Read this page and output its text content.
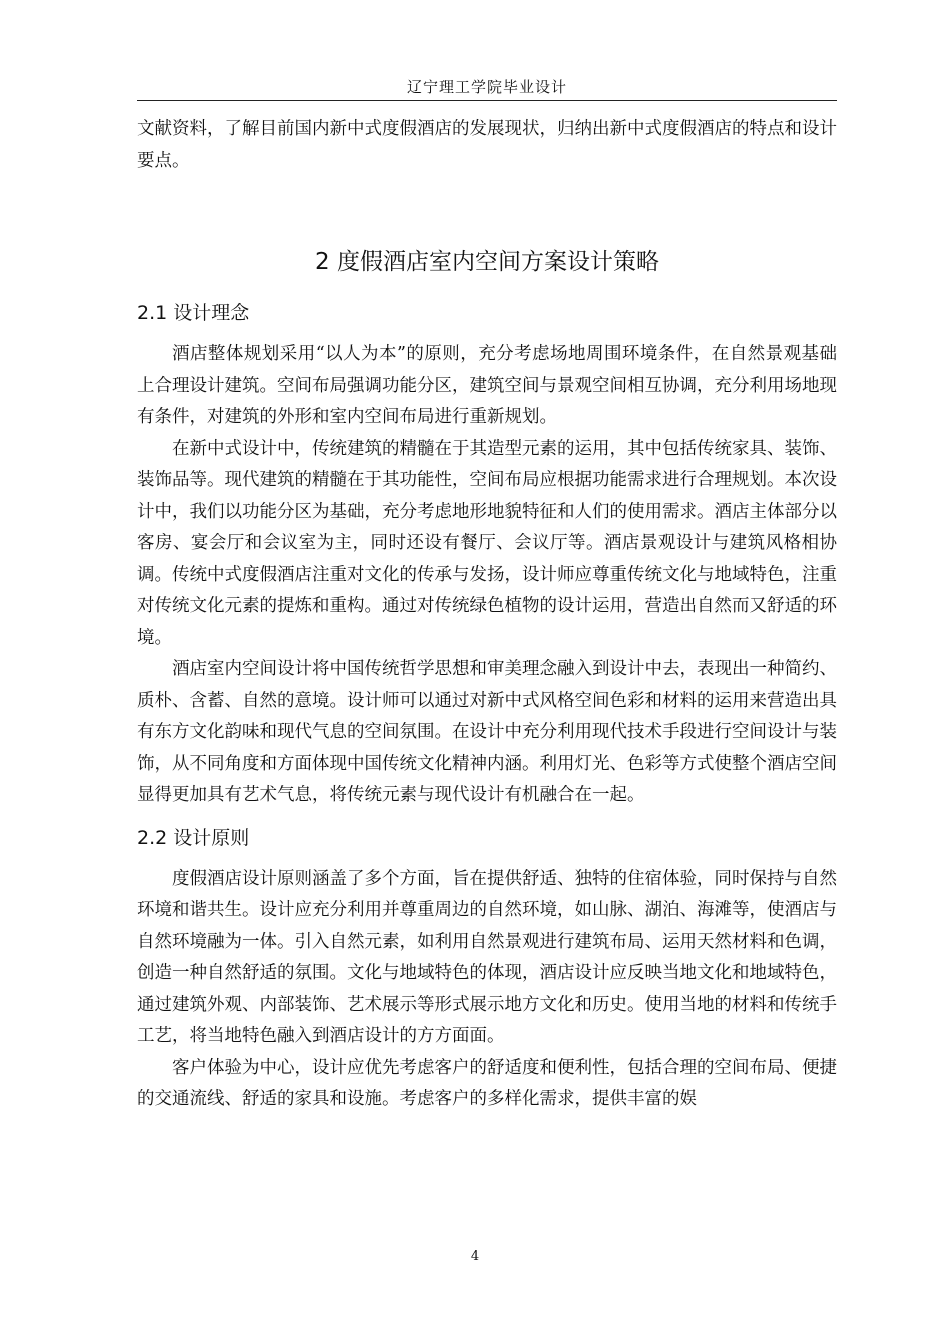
辽宁理工学院毕业设计

文献资料，了解目前国内新中式度假酒店的发展现状，归纳出新中式度假酒店的特点和设计要点。

2 度假酒店室内空间方案设计策略
2.1 设计理念

酒店整体规划采用“以人为本”的原则，充分考虑场地周围环境条件，在自然景观基础上合理设计建筑。空间布局强调功能分区，建筑空间与景观空间相互协调，充分利用场地现有条件，对建筑的外形和室内空间布局进行重新规划。

在新中式设计中，传统建筑的精髓在于其造型元素的运用，其中包括传统家具、装饰、装饰品等。现代建筑的精髓在于其功能性，空间布局应根据功能需求进行合理规划。本次设计中，我们以功能分区为基础，充分考虑地形地貌特征和人们的使用需求。酒店主体部分以客房、宴会厅和会议室为主，同时还设有餐厅、会议厅等。酒店景观设计与建筑风格相协调。传统中式度假酒店注重对文化的传承与发扬，设计师应尊重传统文化与地域特色，注重对传统文化元素的提炼和重构。通过对传统绿色植物的设计运用，营造出自然而又舒适的环境。

酒店室内空间设计将中国传统哲学思想和审美理念融入到设计中去，表现出一种简约、质朴、含蓄、自然的意境。设计师可以通过对新中式风格空间色彩和材料的运用来营造出具有东方文化韵味和现代气息的空间氛围。在设计中充分利用现代技术手段进行空间设计与装饰，从不同角度和方面体现中国传统文化精神内涵。利用灯光、色彩等方式使整个酒店空间显得更加具有艺术气息，将传统元素与现代设计有机融合在一起。

2.2 设计原则

度假酒店设计原则涵盖了多个方面，旨在提供舒适、独特的住宿体验，同时保持与自然环境和谐共生。设计应充分利用并尊重周边的自然环境，如山脉、湖泊、海滩等，使酒店与自然环境融为一体。引入自然元素，如利用自然景观进行建筑布局、运用天然材料和色调，创造一种自然舒适的氛围。文化与地域特色的体现，酒店设计应反映当地文化和地域特色，通过建筑外观、内部装饰、艺术展示等形式展示地方文化和历史。使用当地的材料和传统手工艺，将当地特色融入到酒店设计的方方面面。

客户体验为中心，设计应优先考虑客户的舒适度和便利性，包括合理的空间布局、便捷的交通流线、舒适的家具和设施。考虑客户的多样化需求，提供丰富的娱

4
